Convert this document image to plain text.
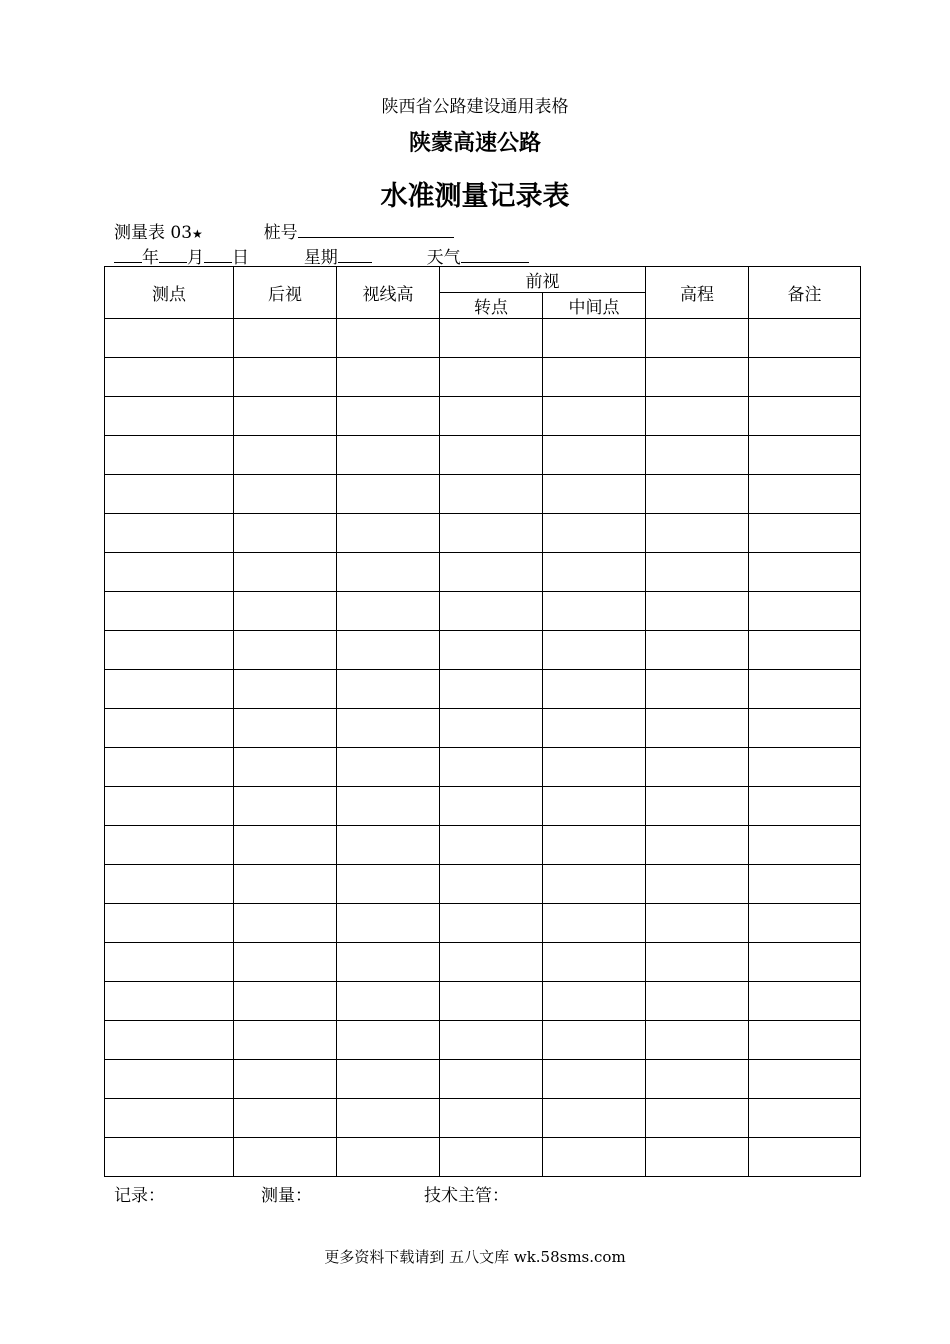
陕西省公路建设通用表格
陕蒙高速公路
水准测量记录表
测量表 03★	桩号
年 月 日	星期	天气
测点	后视	视线高	前视		高程	备注
			转点	中间点		

记录：	测量：	技术主管：
更多资料下载请到 五八文库 wk.58sms.com
